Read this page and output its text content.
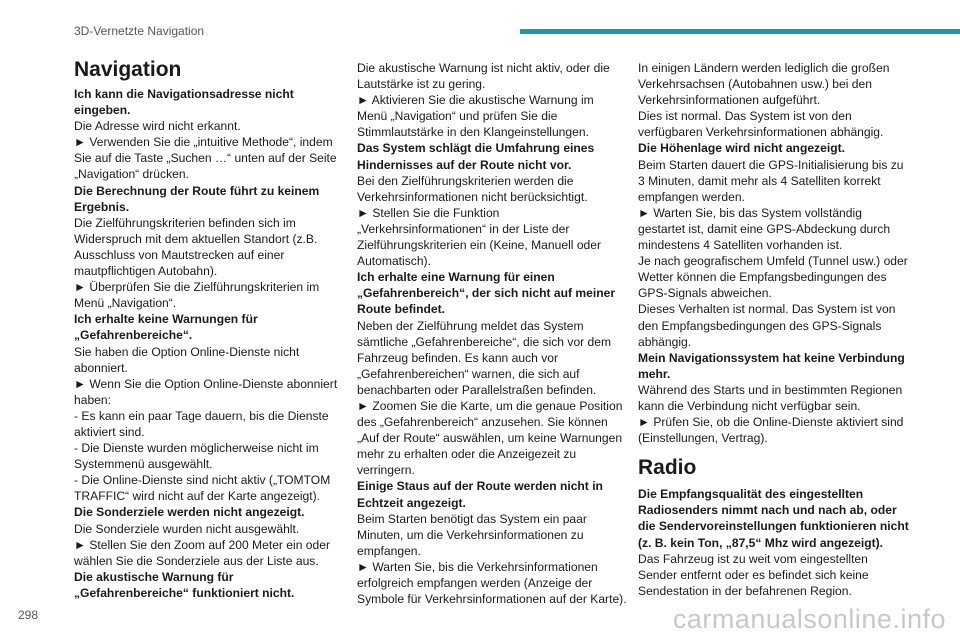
3D-Vernetzte Navigation
Navigation

Ich kann die Navigationsadresse nicht eingeben.

Die Adresse wird nicht erkannt.

► Verwenden Sie die „intuitive Methode“, indem Sie auf die Taste „Suchen …“ unten auf der Seite „Navigation“ drücken.

Die Berechnung der Route führt zu keinem Ergebnis.

Die Zielführungskriterien befinden sich im Widerspruch mit dem aktuellen Standort (z.B. Ausschluss von Mautstrecken auf einer mautpflichtigen Autobahn).

► Überprüfen Sie die Zielführungskriterien im Menü „Navigation“.

Ich erhalte keine Warnungen für „Gefahrenbereiche“.

Sie haben die Option Online-Dienste nicht abonniert.

► Wenn Sie die Option Online-Dienste abonniert haben:

- Es kann ein paar Tage dauern, bis die Dienste aktiviert sind.

- Die Dienste wurden möglicherweise nicht im Systemmenü ausgewählt.

- Die Online-Dienste sind nicht aktiv („TOMTOM TRAFFIC“ wird nicht auf der Karte angezeigt).

Die Sonderziele werden nicht angezeigt.

Die Sonderziele wurden nicht ausgewählt.

► Stellen Sie den Zoom auf 200 Meter ein oder wählen Sie die Sonderziele aus der Liste aus.

Die akustische Warnung für „Gefahrenbereiche“ funktioniert nicht.

Die akustische Warnung ist nicht aktiv, oder die Lautstärke ist zu gering.

► Aktivieren Sie die akustische Warnung im Menü „Navigation“ und prüfen Sie die Stimmlautstärke in den Klangeinstellungen.

Das System schlägt die Umfahrung eines Hindernisses auf der Route nicht vor.

Bei den Zielführungskriterien werden die Verkehrsinformationen nicht berücksichtigt.

► Stellen Sie die Funktion „Verkehrsinformationen“ in der Liste der Zielführungskriterien ein (Keine, Manuell oder Automatisch).

Ich erhalte eine Warnung für einen „Gefahrenbereich“, der sich nicht auf meiner Route befindet.

Neben der Zielführung meldet das System sämtliche „Gefahrenbereiche“, die sich vor dem Fahrzeug befinden. Es kann auch vor „Gefahrenbereichen“ warnen, die sich auf benachbarten oder Parallelstraßen befinden.

► Zoomen Sie die Karte, um die genaue Position des „Gefahrenbereich“ anzusehen. Sie können „Auf der Route“ auswählen, um keine Warnungen mehr zu erhalten oder die Anzeigezeit zu verringern.

Einige Staus auf der Route werden nicht in Echtzeit angezeigt.

Beim Starten benötigt das System ein paar Minuten, um die Verkehrsinformationen zu empfangen.

► Warten Sie, bis die Verkehrsinformationen erfolgreich empfangen werden (Anzeige der Symbole für Verkehrsinformationen auf der Karte).

In einigen Ländern werden lediglich die großen Verkehrsachsen (Autobahnen usw.) bei den Verkehrsinformationen aufgeführt.

Dies ist normal. Das System ist von den verfügbaren Verkehrsinformationen abhängig.

Die Höhenlage wird nicht angezeigt.

Beim Starten dauert die GPS-Initialisierung bis zu 3 Minuten, damit mehr als 4 Satelliten korrekt empfangen werden.

► Warten Sie, bis das System vollständig gestartet ist, damit eine GPS-Abdeckung durch mindestens 4 Satelliten vorhanden ist.

Je nach geografischem Umfeld (Tunnel usw.) oder Wetter können die Empfangsbedingungen des GPS-Signals abweichen.

Dieses Verhalten ist normal. Das System ist von den Empfangsbedingungen des GPS-Signals abhängig.

Mein Navigationssystem hat keine Verbindung mehr.

Während des Starts und in bestimmten Regionen kann die Verbindung nicht verfügbar sein.

► Prüfen Sie, ob die Online-Dienste aktiviert sind (Einstellungen, Vertrag).

Radio

Die Empfangsqualität des eingestellten Radiosenders nimmt nach und nach ab, oder die Sendervoreinstellungen funktionieren nicht (z. B. kein Ton, „87,5“ Mhz wird angezeigt).

Das Fahrzeug ist zu weit vom eingestellten Sender entfernt oder es befindet sich keine Sendestation in der befahrenen Region.

298	carmanualsonline.info
